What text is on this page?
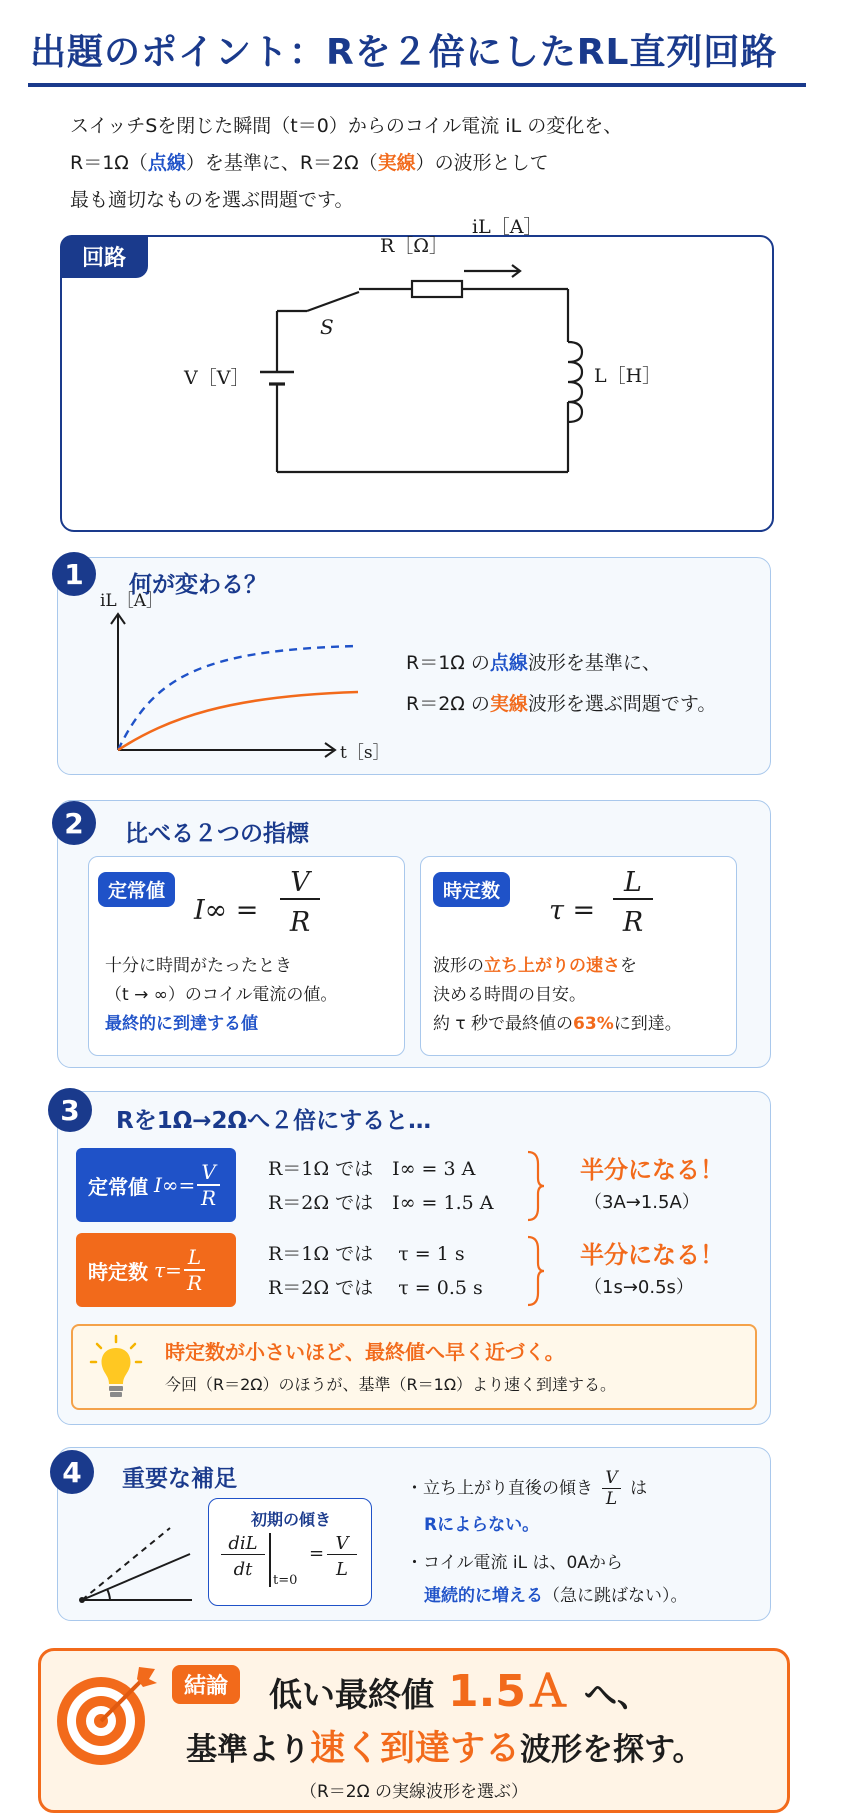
出題のポイント：Rを２倍にしたRL直列回路
スイッチSを閉じた瞬間（t＝0）からのコイル電流 iL の変化を、
R＝1Ω（点線）を基準に、R＝2Ω（実線）の波形として
最も適切なものを選ぶ問題です。
回路	R［Ω］
iL［A］
S
V［V］	L［H］
1	何が変わる？
iL［A］
t［s］
R＝1Ω の点線波形を基準に、
R＝2Ω の実線波形を選ぶ問題です。
2	比べる２つの指標
定常値
I∞ =
V
R
十分に時間がたったとき
（t → ∞）のコイル電流の値。
最終的に到達する値
時定数
τ =
L
R
波形の立ち上がりの速さを
決める時間の目安。
約 τ 秒で最終値の63%に到達。
3	Rを1Ω→2Ωへ２倍にすると…
定常値 $I\infty= \frac{V}{R}$	R＝1Ω では　I∞ = 3 A
R＝2Ω では　I∞ = 1.5 A
半分になる！
（3A→1.5A）
時定数 $\tau= \frac{L}{R}$	R＝1Ω では　 τ = 1 s
R＝2Ω では　 τ = 0.5 s
半分になる！
（1s→0.5s）
時定数が小さいほど、最終値へ早く近づく。
今回（R＝2Ω）のほうが、基準（R＝1Ω）より速く到達する。
4	重要な補足
初期の傾き
diL
dt
t=0
= V
L
・立ち上がり直後の傾き $\frac{V}{L}$ は
Rによらない。
・コイル電流 iL は、0Aから
連続的に増える（急に跳ばない）。
結論	低い最終値 1.5Ａ へ、
基準より速く到達する波形を探す。
（R＝2Ω の実線波形を選ぶ）
